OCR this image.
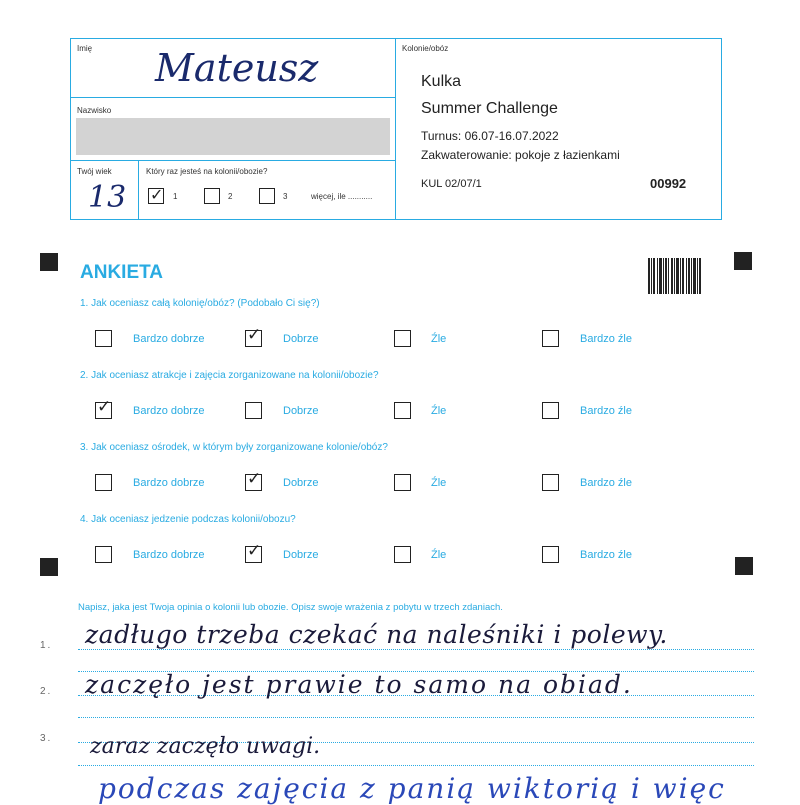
Imię Mateusz
Nazwisko
Twój wiek
13
Który raz jesteś na kolonii/obozie?
✓ 1	2	3	więcej, ile ...........
Kolonie/obóz
Kulka
Summer Challenge
Turnus: 06.07-16.07.2022
Zakwaterowanie: pokoje z łazienkami
KUL 02/07/1	00992
ANKIETA
1. Jak oceniasz całą kolonię/obóz? (Podobało Ci się?)
Bardzo dobrze ✓ Dobrze	Źle	Bardzo źle
2. Jak oceniasz atrakcje i zajęcia zorganizowane na kolonii/obozie?
✓ Bardzo dobrze	Dobrze	Źle	Bardzo źle
3. Jak oceniasz ośrodek, w którym były zorganizowane kolonie/obóz?
Bardzo dobrze ✓ Dobrze	Źle	Bardzo źle
4. Jak oceniasz jedzenie podczas kolonii/obozu?
Bardzo dobrze ✓ Dobrze	Źle	Bardzo źle
Napisz, jaka jest Twoja opinia o kolonii lub obozie. Opisz swoje wrażenia z pobytu w trzech zdaniach.
1.
2.
3.
zadługo trzeba czekać na naleśniki i polewy.
zaczęło jest prawie to samo na obiad.
zaraz zaczęło uwagi.
podczas zajęcia z panią wiktorią i więc
